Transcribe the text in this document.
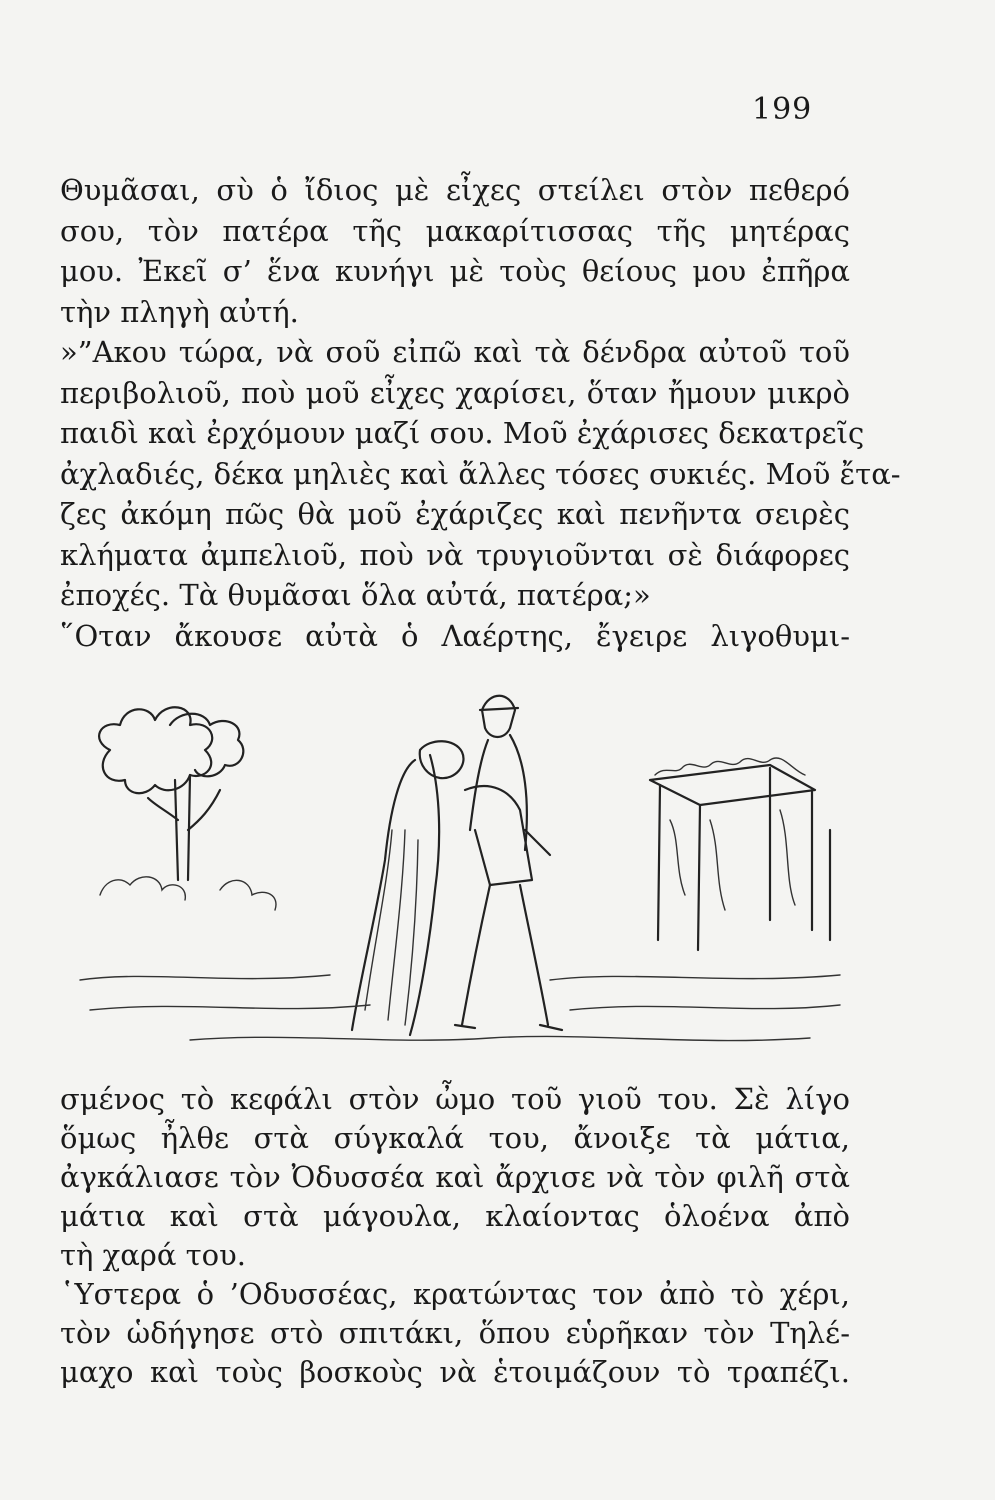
199
Θυμᾶσαι, σὺ ὁ ἴδιος μὲ εἶχες στείλει στὸν πεθερό
σου, τὸν πατέρα τῆς μακαρίτισσας τῆς μητέρας
μου. Ἐκεῖ σ’ ἕνα κυνήγι μὲ τοὺς θείους μου ἐπῆρα
τὴν πληγὴ αὐτή.
»”Ακου τώρα, νὰ σοῦ εἰπῶ καὶ τὰ δένδρα αὐτοῦ τοῦ
περιβολιοῦ, ποὺ μοῦ εἶχες χαρίσει, ὅταν ἤμουν μικρὸ
παιδὶ καὶ ἐρχόμουν μαζί σου. Μοῦ ἐχάρισες δεκατρεῖς
ἀχλαδιές, δέκα μηλιὲς καὶ ἄλλες τόσες συκιές. Μοῦ ἔτα-
ζες ἀκόμη πῶς θὰ μοῦ ἐχάριζες καὶ πενῆντα σειρὲς
κλήματα ἀμπελιοῦ, ποὺ νὰ τρυγιοῦνται σὲ διάφορες
ἐποχές. Τὰ θυμᾶσαι ὅλα αὐτά, πατέρα;»
῞Οταν ἄκουσε αὐτὰ ὁ Λαέρτης, ἔγειρε λιγοθυμι-
σμένος τὸ κεφάλι στὸν ὦμο τοῦ γιοῦ του. Σὲ λίγο
ὅμως ἦλθε στὰ σύγκαλά του, ἄνοιξε τὰ μάτια,
ἀγκάλιασε τὸν Ὀδυσσέα καὶ ἄρχισε νὰ τὸν φιλῆ στὰ
μάτια καὶ στὰ μάγουλα, κλαίοντας ὁλοένα ἀπὸ
τὴ χαρά του.
῾Υστερα ὁ ’Οδυσσέας, κρατώντας τον ἀπὸ τὸ χέρι,
τὸν ὡδήγησε στὸ σπιτάκι, ὅπου εὑρῆκαν τὸν Τηλέ-
μαχο καὶ τοὺς βοσκοὺς νὰ ἑτοιμάζουν τὸ τραπέζι.
